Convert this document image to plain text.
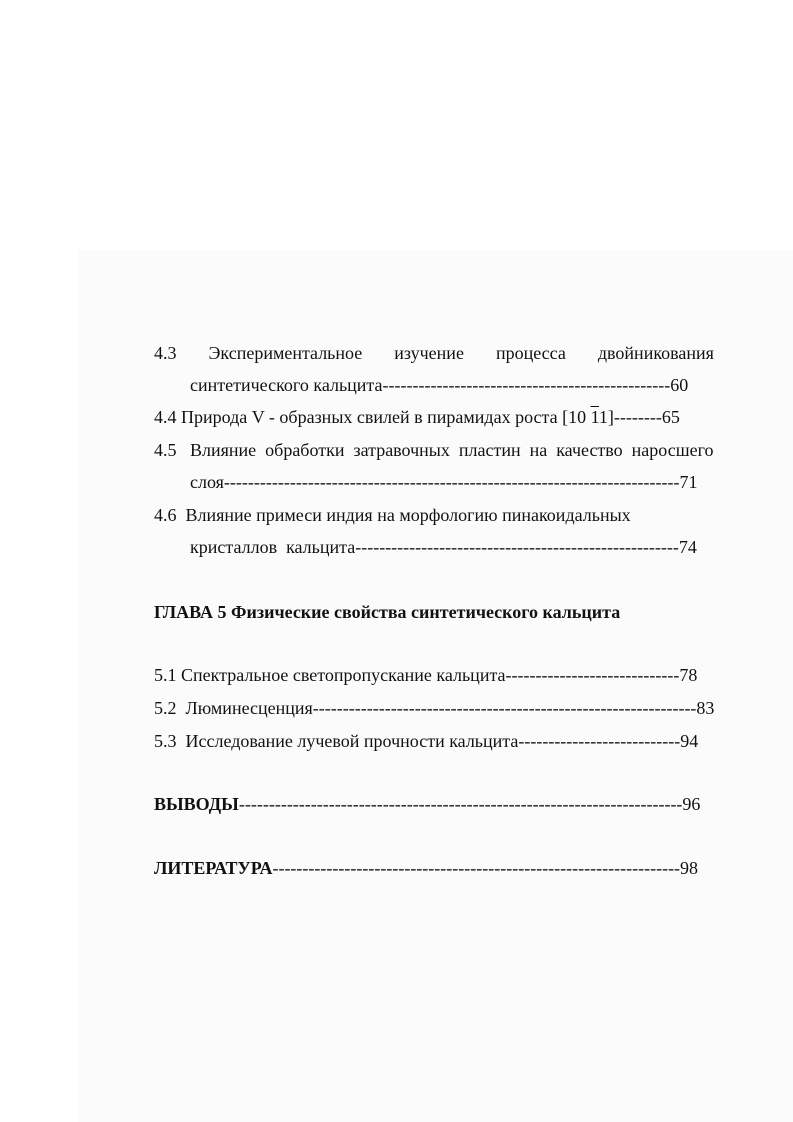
4.3 Экспериментальное изучение процесса двойникования
синтетического кальцита------------------------------------------------60
4.4 Природа V - образных свилей в пирамидах роста [10 11]--------65
4.5   Влияние  обработки  затравочных  пластин  на  качество  наросшего
слоя----------------------------------------------------------------------------71
4.6  Влияние примеси индия на морфологию пинакоидальных
кристаллов  кальцита------------------------------------------------------74
ГЛАВА 5 Физические свойства синтетического кальцита
5.1 Спектральное светопропускание кальцита-----------------------------78
5.2  Люминесценция----------------------------------------------------------------83
5.3  Исследование лучевой прочности кальцита---------------------------94
ВЫВОДЫ--------------------------------------------------------------------------96
ЛИТЕРАТУРА--------------------------------------------------------------------98
